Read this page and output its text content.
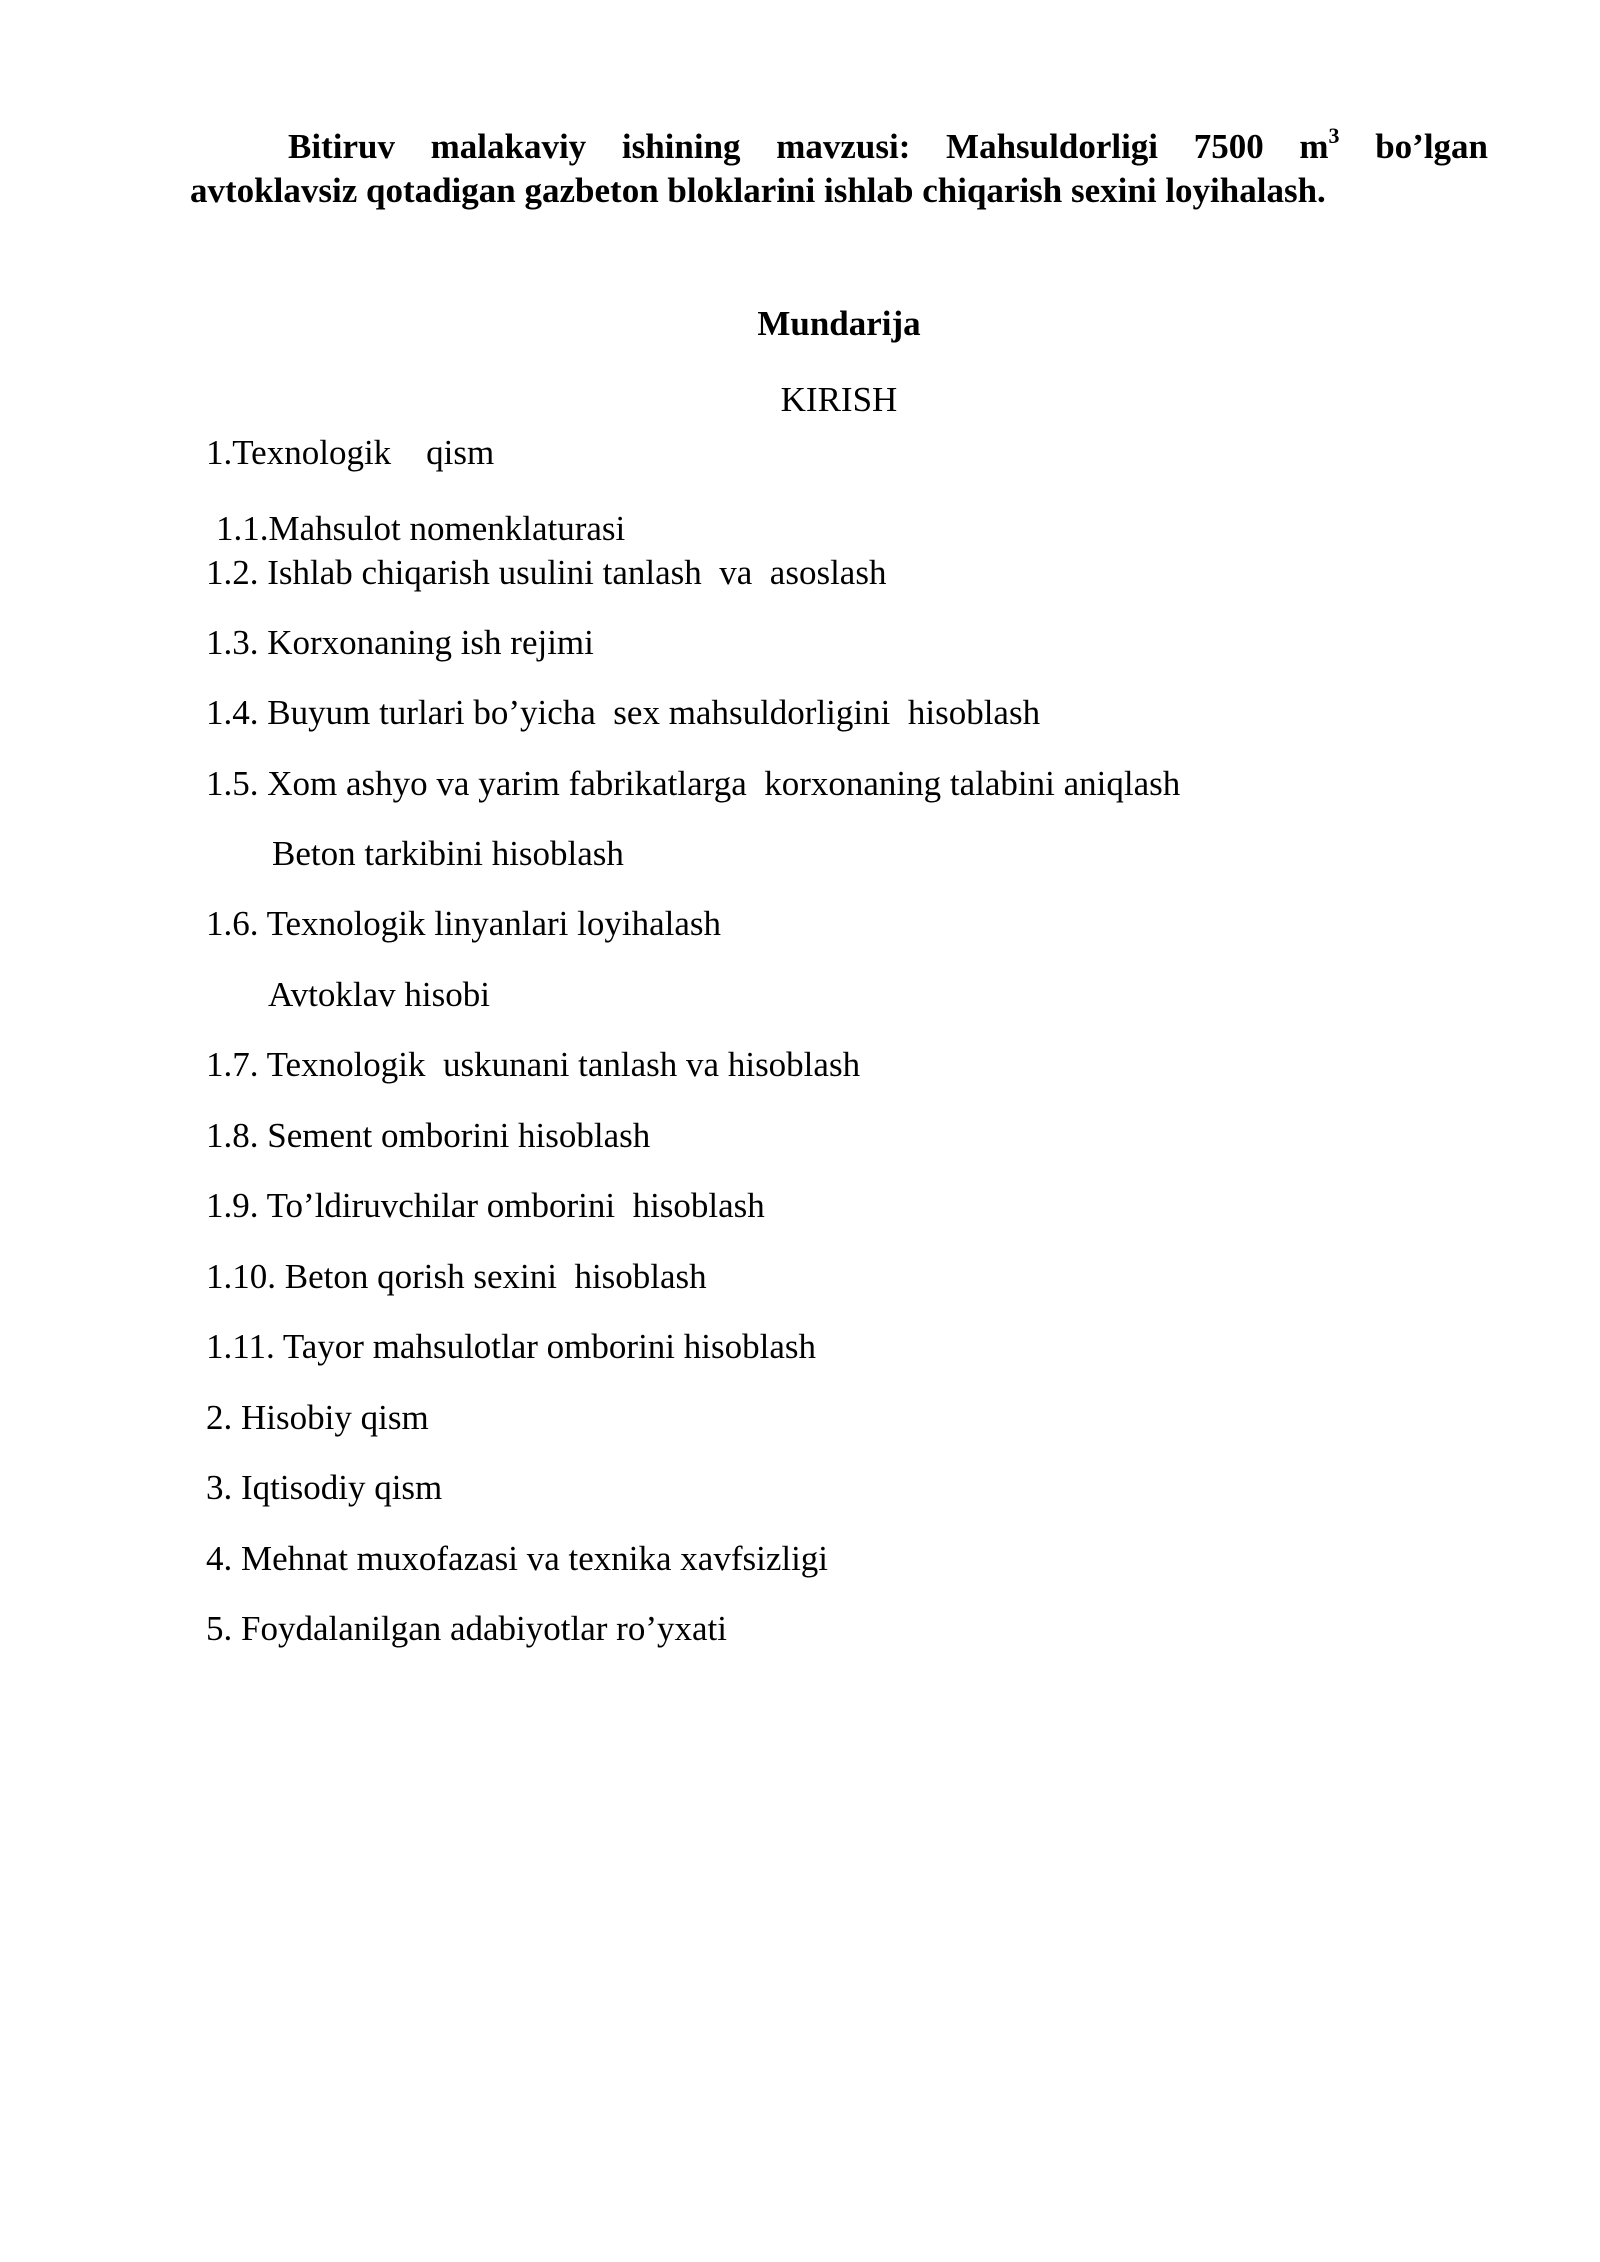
Bitiruv malakaviy ishining mavzusi: Mahsuldorligi 7500 $m^3$ bo’lgan
avtoklavsiz qotadigan gazbeton bloklarini ishlab chiqarish sexini loyihalash.
Mundarija
KIRISH
1.Texnologik    qism
1.1.Mahsulot nomenklaturasi
1.2. Ishlab chiqarish usulini tanlash  va  asoslash
1.3. Korxonaning ish rejimi
1.4. Buyum turlari bo’yicha  sex mahsuldorligini  hisoblash
1.5. Xom ashyo va yarim fabrikatlarga  korxonaning talabini aniqlash
Beton tarkibini hisoblash
1.6. Texnologik linyanlari loyihalash
Avtoklav hisobi
1.7. Texnologik  uskunani tanlash va hisoblash
1.8. Sement omborini hisoblash
1.9. To’ldiruvchilar omborini  hisoblash
1.10. Beton qorish sexini  hisoblash
1.11. Tayor mahsulotlar omborini hisoblash
2. Hisobiy qism
3. Iqtisodiy qism
4. Mehnat muxofazasi va texnika xavfsizligi
5. Foydalanilgan adabiyotlar ro’yxati
